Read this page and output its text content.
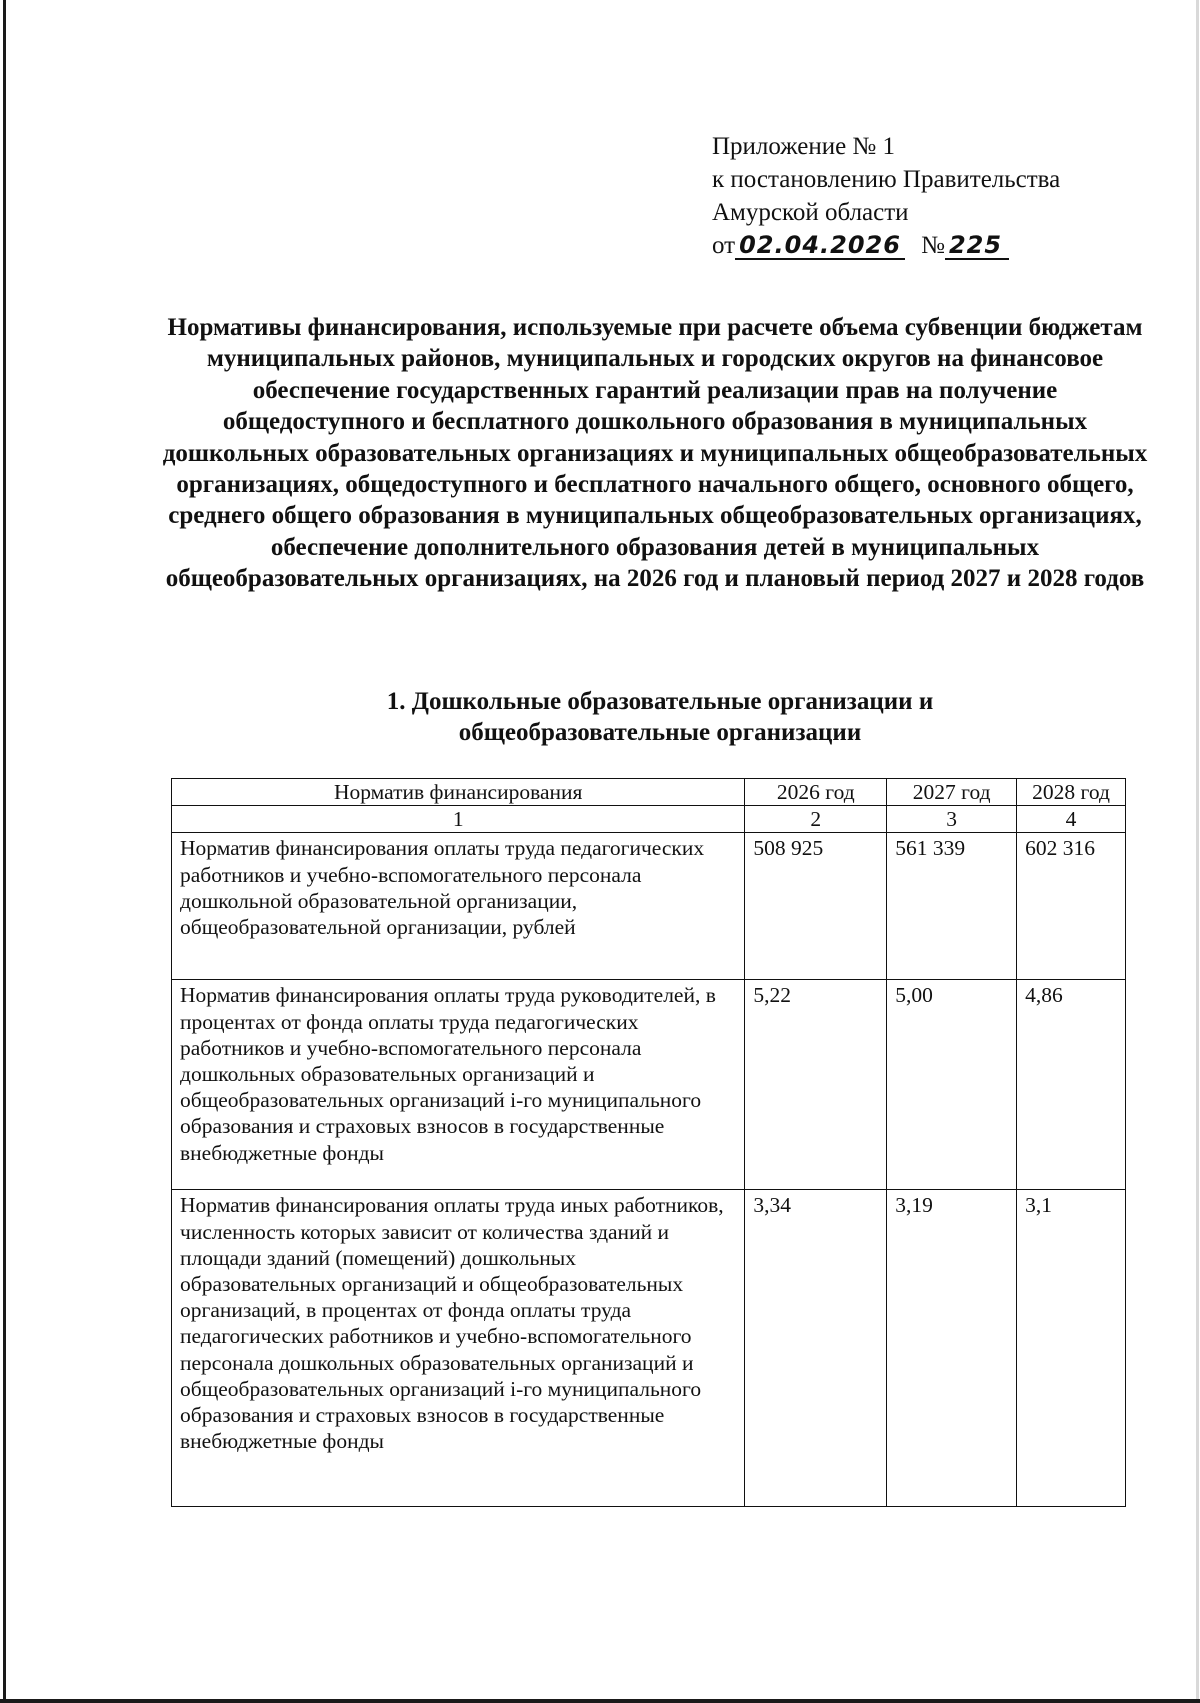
Приложение № 1
к постановлению Правительства
Амурской области
от 02.04.2026 № 225
Нормативы финансирования, используемые при расчете объема субвенции бюджетам муниципальных районов, муниципальных и городских округов на финансовое обеспечение государственных гарантий реализации прав на получение общедоступного и бесплатного дошкольного образования в муниципальных дошкольных образовательных организациях и муниципальных общеобразовательных организациях, общедоступного и бесплатного начального общего, основного общего, среднего общего образования в муниципальных общеобразовательных организациях, обеспечение дополнительного образования детей в муниципальных общеобразовательных организациях, на 2026 год и плановый период 2027 и 2028 годов
1. Дошкольные образовательные организации и
общеобразовательные организации
Норматив финансирования	2026 год	2027 год	2028 год
1	2	3	4
Норматив финансирования оплаты труда педагогических работников и учебно-вспомогательного персонала дошкольной образовательной организации, общеобразовательной организации, рублей	508 925	561 339	602 316
Норматив финансирования оплаты труда руководителей, в процентах от фонда оплаты труда педагогических работников и учебно-вспомогательного персонала дошкольных образовательных организаций и общеобразовательных организаций i-го муниципального образования и страховых взносов в государственные внебюджетные фонды	5,22	5,00	4,86
Норматив финансирования оплаты труда иных работников, численность которых зависит от количества зданий и площади зданий (помещений) дошкольных образовательных организаций и общеобразовательных организаций, в процентах от фонда оплаты труда педагогических работников и учебно-вспомогательного персонала дошкольных образовательных организаций и общеобразовательных организаций i-го муниципального образования и страховых взносов в государственные внебюджетные фонды	3,34	3,19	3,1
